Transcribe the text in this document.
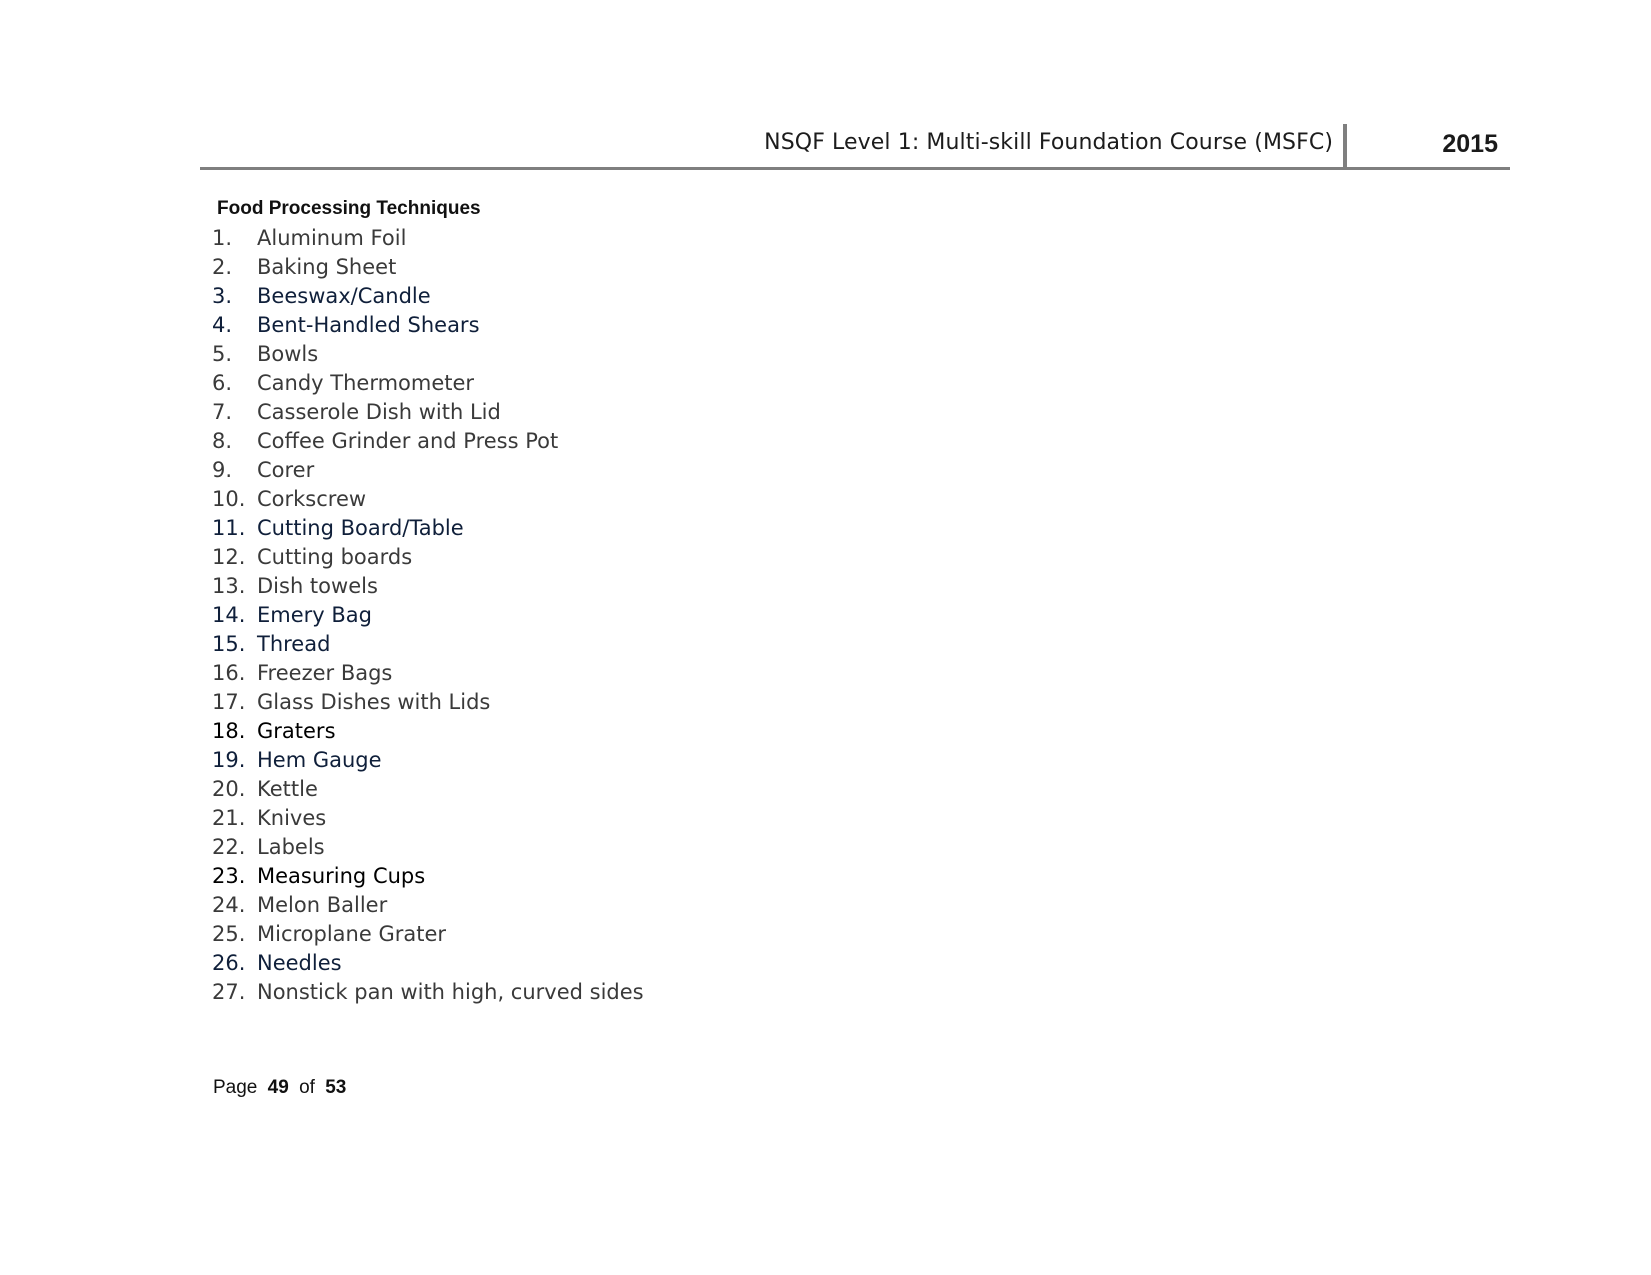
NSQF Level 1: Multi-skill Foundation Course (MSFC)	2015
Food Processing Techniques
1. Aluminum Foil
2. Baking Sheet
3. Beeswax/Candle
4. Bent-Handled Shears
5. Bowls
6. Candy Thermometer
7. Casserole Dish with Lid
8. Coffee Grinder and Press Pot
9. Corer
10. Corkscrew
11. Cutting Board/Table
12. Cutting boards
13. Dish towels
14. Emery Bag
15. Thread
16. Freezer Bags
17. Glass Dishes with Lids
18. Graters
19. Hem Gauge
20. Kettle
21. Knives
22. Labels
23. Measuring Cups
24. Melon Baller
25. Microplane Grater
26. Needles
27. Nonstick pan with high, curved sides
Page 49 of 53
